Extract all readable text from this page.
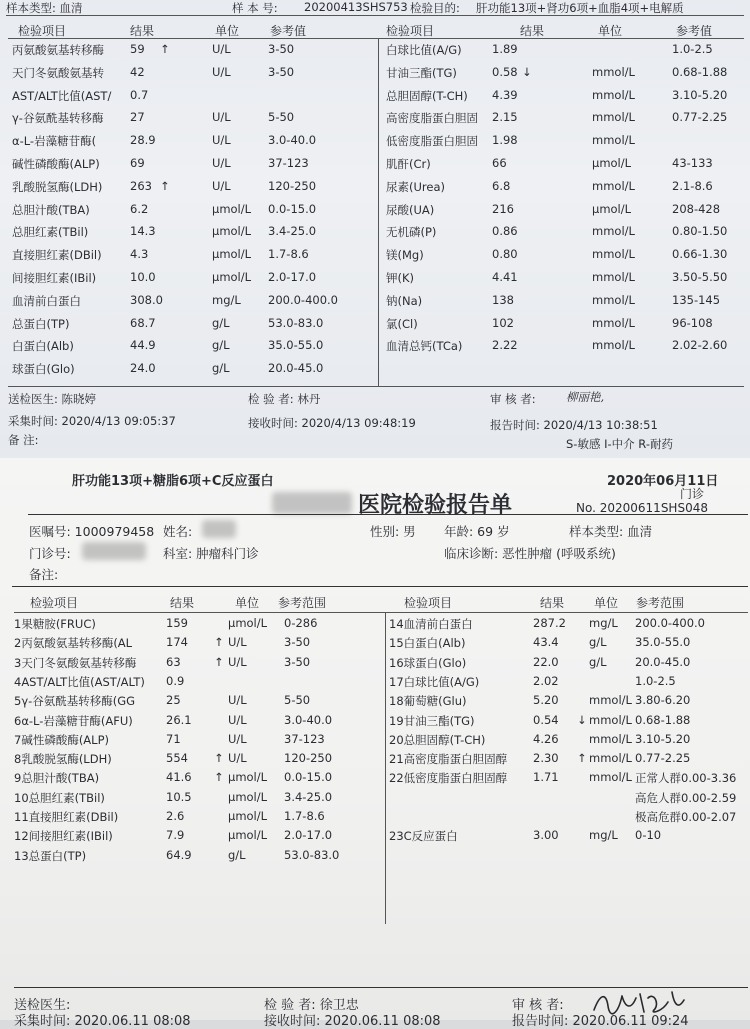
样本类型: 血清	样 本 号: 20200413SHS753 检验目的: 肝功能13项+肾功6项+血脂4项+电解质
检验项目	结果	单位	参考值	检验项目	结果	单位	参考值
丙氨酸氨基转移酶	59	↑	U/L	3-50
天门冬氨酸氨基转	42	U/L	3-50
AST/ALT比值(AST/	0.7
γ-谷氨酰基转移酶	27	U/L	5-50
α-L-岩藻糖苷酶(	28.9	U/L	3.0-40.0
碱性磷酸酶(ALP)	69	U/L	37-123
乳酸脱氢酶(LDH)	263 ↑	U/L	120-250
总胆汁酸(TBA)	6.2	μmol/L	0.0-15.0
总胆红素(TBil)	14.3	μmol/L	3.4-25.0
直接胆红素(DBil)	4.3	μmol/L	1.7-8.6
间接胆红素(IBil)	10.0	μmol/L	2.0-17.0
血清前白蛋白	308.0	mg/L	200.0-400.0
总蛋白(TP)	68.7	g/L	53.0-83.0
白蛋白(Alb)	44.9	g/L	35.0-55.0
球蛋白(Glo)	24.0	g/L	20.0-45.0
白球比值(A/G)	1.89	1.0-2.5
甘油三酯(TG)	0.58 ↓	mmol/L	0.68-1.88
总胆固醇(T-CH)	4.39	mmol/L	3.10-5.20
高密度脂蛋白胆固	2.15	mmol/L	0.77-2.25
低密度脂蛋白胆固	1.98	mmol/L
肌酐(Cr)	66	μmol/L	43-133
尿素(Urea)	6.8	mmol/L	2.1-8.6
尿酸(UA)	216	μmol/L	208-428
无机磷(P)	0.86	mmol/L	0.80-1.50
镁(Mg)	0.80	mmol/L	0.66-1.30
钾(K)	4.41	mmol/L	3.50-5.50
钠(Na)	138	mmol/L	135-145
氯(Cl)	102	mmol/L	96-108
血清总钙(TCa)	2.22	mmol/L	2.02-2.60
送检医生: 陈晓婷	检 验 者: 林丹	审 核 者:	柳丽艳,
采集时间: 2020/4/13 09:05:37	接收时间: 2020/4/13 09:48:19	报告时间: 2020/4/13 10:38:51
备 注:	S-敏感 I-中介 R-耐药
肝功能13项+糖脂6项+C反应蛋白	2020年06月11日
门诊
医院检验报告单	No. 20200611SHS048
医嘱号: 1000979458 姓名:	性别: 男 年龄: 69 岁	样本类型: 血清
门诊号:	科室: 肿瘤科门诊	临床诊断: 恶性肿瘤 (呼吸系统)
备注:
检验项目	结果	单位 参考范围	检验项目	结果 单位 参考范围
1果糖胺(FRUC)	159	μmol/L	0-286
2丙氨酸氨基转移酶(AL	174	↑ U/L	3-50
3天门冬氨酸氨基转移酶	63	↑ U/L	3-50
4AST/ALT比值(AST/ALT)	0.9
5γ-谷氨酰基转移酶(GG	25	U/L	5-50
6α-L-岩藻糖苷酶(AFU)	26.1	U/L	3.0-40.0
7碱性磷酸酶(ALP)	71	U/L	37-123
8乳酸脱氢酶(LDH)	554	↑ U/L	120-250
9总胆汁酸(TBA)	41.6	↑ μmol/L	0.0-15.0
10总胆红素(TBil)	10.5	μmol/L	3.4-25.0
11直接胆红素(DBil)	2.6	μmol/L	1.7-8.6
12间接胆红素(IBil)	7.9	μmol/L	2.0-17.0
13总蛋白(TP)	64.9	g/L	53.0-83.0
14血清前白蛋白	287.2	mg/L	200.0-400.0
15白蛋白(Alb)	43.4	g/L	35.0-55.0
16球蛋白(Glo)	22.0	g/L	20.0-45.0
17白球比值(A/G)	2.02	1.0-2.5
18葡萄糖(Glu)	5.20	mmol/L 3.80-6.20
19甘油三酯(TG)	0.54	↓ mmol/L 0.68-1.88
20总胆固醇(T-CH)	4.26	mmol/L 3.10-5.20
21高密度脂蛋白胆固醇	2.30	↑ mmol/L 0.77-2.25
22低密度脂蛋白胆固醇	1.71	mmol/L 正常人群0.00-3.36
高危人群0.00-2.59
极高危群0.00-2.07
23C反应蛋白	3.00	mg/L	0-10
送检医生:	检 验 者: 徐卫忠	审 核 者:
采集时间: 2020.06.11 08:08	接收时间: 2020.06.11 08:08	报告时间: 2020.06.11 09:24
